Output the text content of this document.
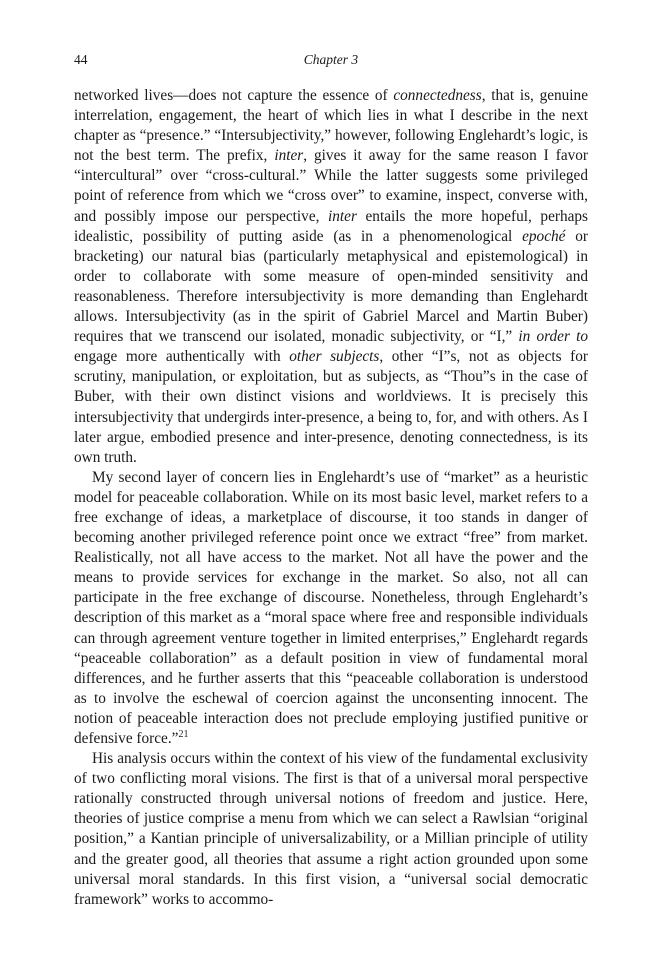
44	Chapter 3

networked lives—does not capture the essence of connectedness, that is, genuine interrelation, engagement, the heart of which lies in what I describe in the next chapter as “presence.” “Intersubjectivity,” however, following Englehardt’s logic, is not the best term. The prefix, inter, gives it away for the same reason I favor “intercultural” over “cross-cultural.” While the latter suggests some privileged point of reference from which we “cross over” to examine, inspect, converse with, and possibly impose our perspective, inter entails the more hopeful, perhaps idealistic, possibility of putting aside (as in a phenomenological epoché or bracketing) our natural bias (particularly metaphysical and epistemological) in order to collaborate with some measure of open-minded sensitivity and reasonableness. Therefore intersubjectivity is more demanding than Englehardt allows. Intersubjectivity (as in the spirit of Gabriel Marcel and Martin Buber) requires that we transcend our isolated, monadic subjectivity, or “I,” in order to engage more authentically with other subjects, other “I”s, not as objects for scrutiny, manipulation, or exploitation, but as subjects, as “Thou”s in the case of Buber, with their own distinct visions and worldviews. It is precisely this intersubjectivity that undergirds inter-presence, a being to, for, and with others. As I later argue, embodied presence and inter-presence, denoting connectedness, is its own truth.

My second layer of concern lies in Englehardt’s use of “market” as a heuristic model for peaceable collaboration. While on its most basic level, market refers to a free exchange of ideas, a marketplace of discourse, it too stands in danger of becoming another privileged reference point once we extract “free” from market. Realistically, not all have access to the market. Not all have the power and the means to provide services for exchange in the market. So also, not all can participate in the free exchange of discourse. Nonetheless, through Englehardt’s description of this market as a “moral space where free and responsible individuals can through agreement venture together in limited enterprises,” Englehardt regards “peaceable collaboration” as a default position in view of fundamental moral differences, and he further asserts that this “peaceable collaboration is understood as to involve the eschewal of coercion against the unconsenting innocent. The notion of peaceable interaction does not preclude employing justified punitive or defensive force.”$^{21}$

His analysis occurs within the context of his view of the fundamental exclusivity of two conflicting moral visions. The first is that of a universal moral perspective rationally constructed through universal notions of freedom and justice. Here, theories of justice comprise a menu from which we can select a Rawlsian “original position,” a Kantian principle of universalizability, or a Millian principle of utility and the greater good, all theories that assume a right action grounded upon some universal moral standards. In this first vision, a “universal social democratic framework” works to accommo-
